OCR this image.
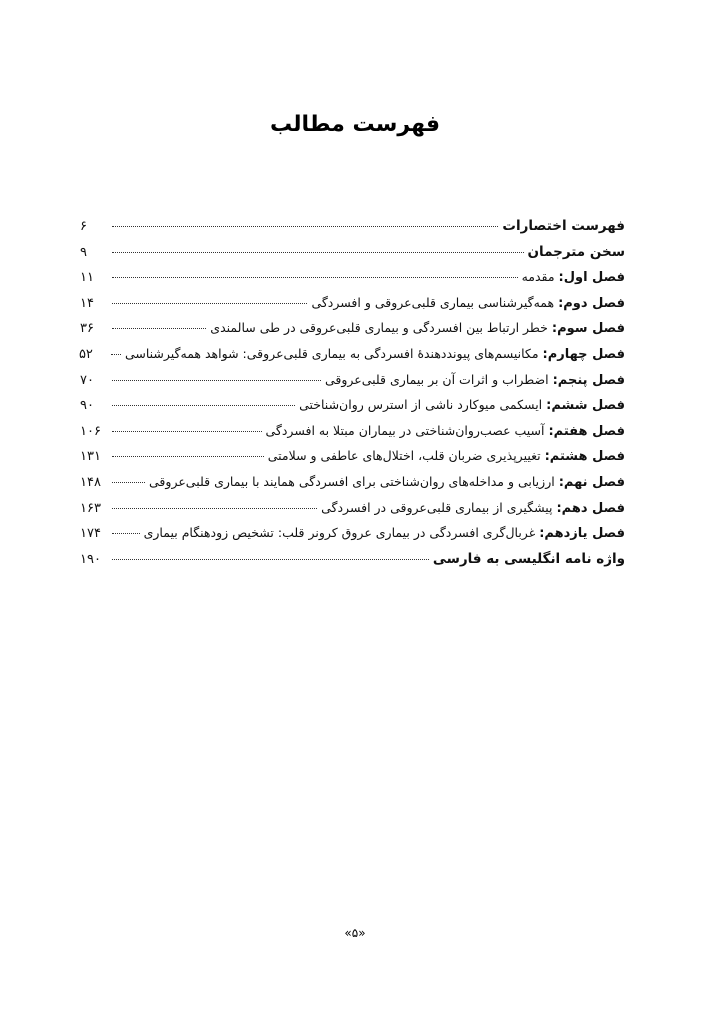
فهرست مطالب
فهرست اختصارات
۶
سخن مترجمان
۹
فصل اول: مقدمه
۱۱
فصل دوم: همه‌گیرشناسی بیماری قلبی‌عروقی و افسردگی
۱۴
فصل سوم: خطر ارتباط بین افسردگی و بیماری قلبی‌عروقی در طی سالمندی
۳۶
فصل چهارم: مکانیسم‌های پیونددهندهٔ افسردگی به بیماری قلبی‌عروقی: شواهد همه‌گیرشناسی
۵۲
فصل پنجم: اضطراب و اثرات آن بر بیماری قلبی‌عروقی
۷۰
فصل ششم: ایسکمی میوکارد ناشی از استرس روان‌شناختی
۹۰
فصل هفتم: آسیب عصب‌روان‌شناختی در بیماران مبتلا به افسردگی
۱۰۶
فصل هشتم: تغییرپذیری ضربان قلب، اختلال‌های عاطفی و سلامتی
۱۳۱
فصل نهم: ارزیابی و مداخله‌های روان‌شناختی برای افسردگی همایند با بیماری قلبی‌عروقی
۱۴۸
فصل دهم: پیشگیری از بیماری قلبی‌عروقی در افسردگی
۱۶۳
فصل یازدهم: غربال‌گری افسردگی در بیماری عروق کرونر قلب: تشخیص زودهنگام بیماری
۱۷۴
واژه نامه انگلیسی به فارسی
۱۹۰
«۵»
